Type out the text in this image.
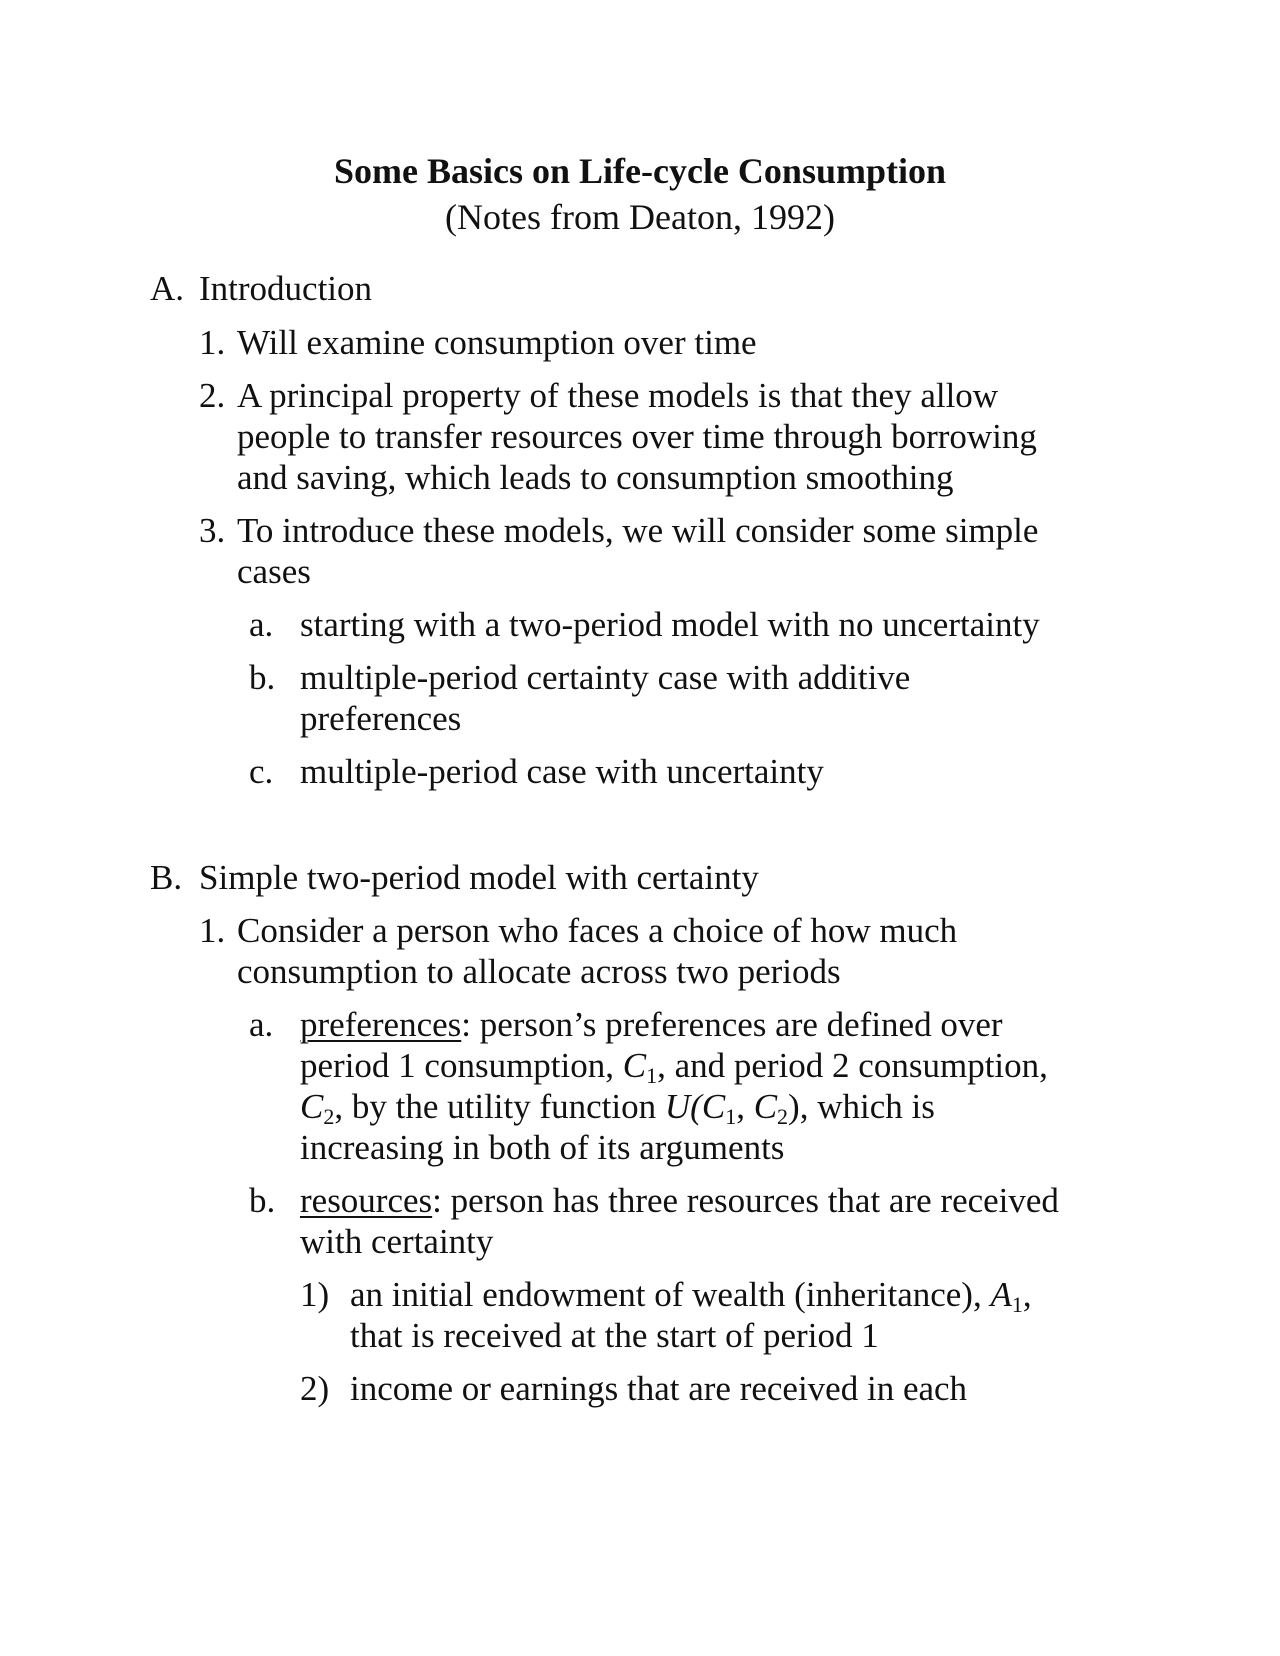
Some Basics on Life-cycle Consumption
(Notes from Deaton, 1992)
A. Introduction
1. Will examine consumption over time
2. A principal property of these models is that they allow
people to transfer resources over time through borrowing
and saving, which leads to consumption smoothing
3. To introduce these models, we will consider some simple
cases
a. starting with a two-period model with no uncertainty
b. multiple-period certainty case with additive
preferences
c. multiple-period case with uncertainty
B. Simple two-period model with certainty
1. Consider a person who faces a choice of how much
consumption to allocate across two periods
a. preferences: person’s preferences are defined over
period 1 consumption, $C_1$, and period 2 consumption,
$C_2$, by the utility function $U(C_1$, $C_2$), which is
increasing in both of its arguments
b. resources: person has three resources that are received
with certainty
1) an initial endowment of wealth (inheritance), $A_1$,
that is received at the start of period 1
2) income or earnings that are received in each
